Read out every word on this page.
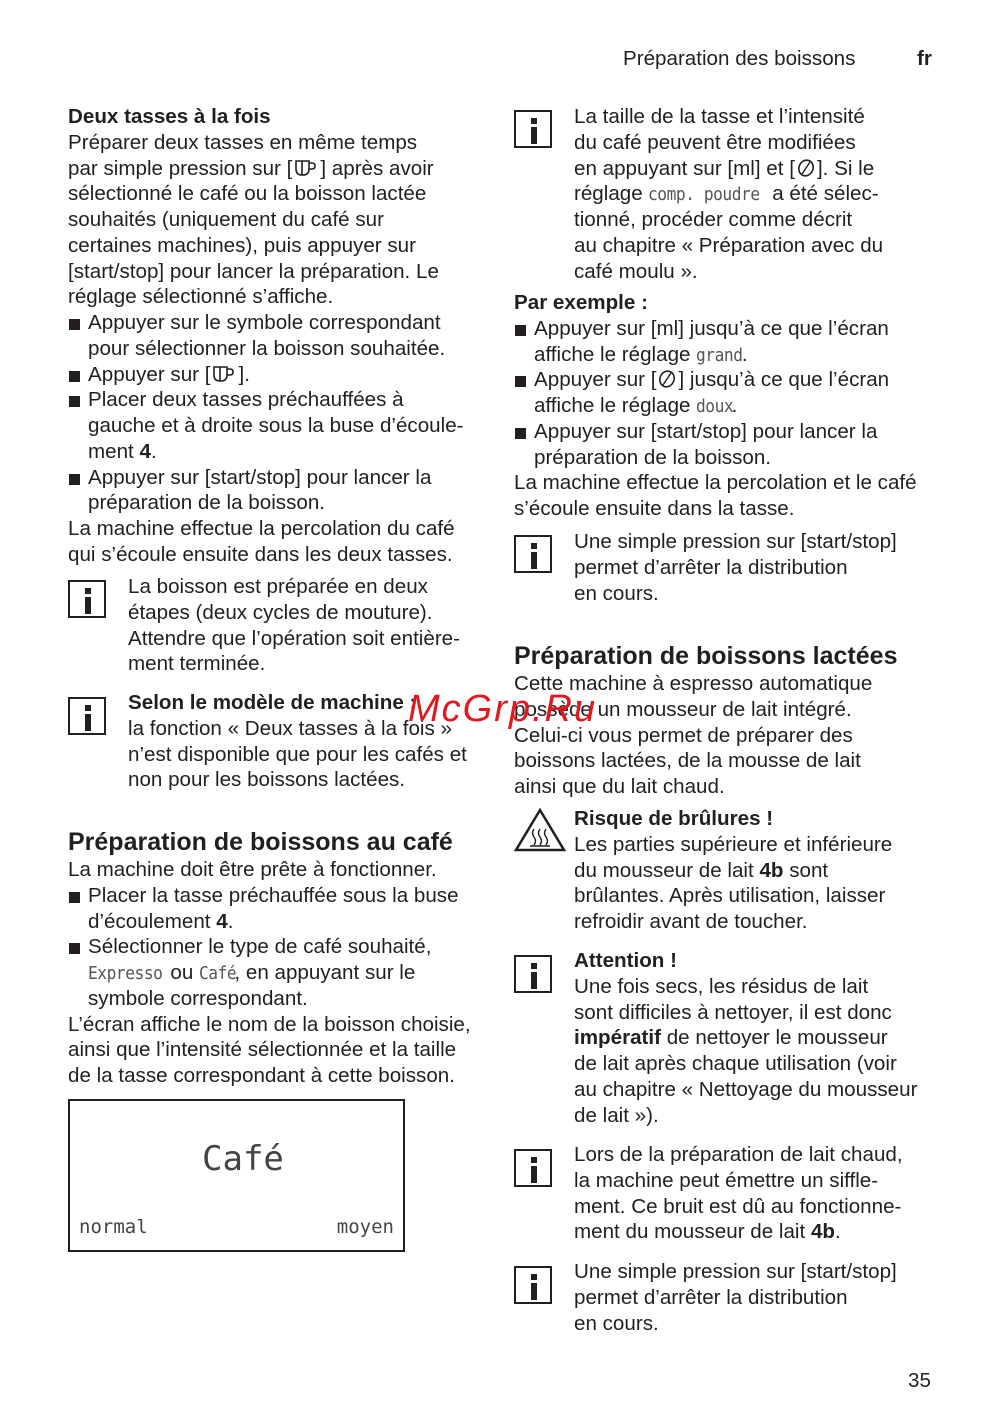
Préparation des boissons	fr
Deux tasses à la fois
Préparer deux tasses en même temps
par simple pression sur [ ] après avoir
sélectionné le café ou la boisson lactée
souhaités (uniquement du café sur
certaines machines), puis appuyer sur
[start/stop] pour lancer la préparation. Le
réglage sélectionné s’affiche.
Appuyer sur le symbole correspondant
pour sélectionner la boisson souhaitée.
Appuyer sur [ ].
Placer deux tasses préchauffées à
gauche et à droite sous la buse d’écoule-
ment 4.
Appuyer sur [start/stop] pour lancer la
préparation de la boisson.
La machine effectue la percolation du café
qui s’écoule ensuite dans les deux tasses.
La boisson est préparée en deux
étapes (deux cycles de mouture).
Attendre que l’opération soit entière-
ment terminée.
Selon le modèle de machine :
la fonction « Deux tasses à la fois »
n’est disponible que pour les cafés et
non pour les boissons lactées.
Préparation de boissons au café
La machine doit être prête à fonctionner.
Placer la tasse préchauffée sous la buse
d’écoulement 4.
Sélectionner le type de café souhaité,
Expresso ou Café, en appuyant sur le
symbole correspondant.
L’écran affiche le nom de la boisson choisie,
ainsi que l’intensité sélectionnée et la taille
de la tasse correspondant à cette boisson.
Café
normal	moyen
La taille de la tasse et l’intensité
du café peuvent être modifiées
en appuyant sur [ml] et [ ]. Si le
réglage comp. poudre a été sélec-
tionné, procéder comme décrit
au chapitre « Préparation avec du
café moulu ».
Par exemple :
Appuyer sur [ml] jusqu’à ce que l’écran
affiche le réglage grand.
Appuyer sur [ ] jusqu’à ce que l’écran
affiche le réglage doux.
Appuyer sur [start/stop] pour lancer la
préparation de la boisson.
La machine effectue la percolation et le café
s’écoule ensuite dans la tasse.
Une simple pression sur [start/stop]
permet d’arrêter la distribution
en cours.
Préparation de boissons lactées
Cette machine à espresso automatique
possède un mousseur de lait intégré.
Celui-ci vous permet de préparer des
boissons lactées, de la mousse de lait
ainsi que du lait chaud.
Risque de brûlures !
Les parties supérieure et inférieure
du mousseur de lait 4b sont
brûlantes. Après utilisation, laisser
refroidir avant de toucher.
Attention !
Une fois secs, les résidus de lait
sont difficiles à nettoyer, il est donc
impératif de nettoyer le mousseur
de lait après chaque utilisation (voir
au chapitre « Nettoyage du mousseur
de lait »).
Lors de la préparation de lait chaud,
la machine peut émettre un siffle-
ment. Ce bruit est dû au fonctionne-
ment du mousseur de lait 4b.
Une simple pression sur [start/stop]
permet d’arrêter la distribution
en cours.
35
McGrp.Ru
